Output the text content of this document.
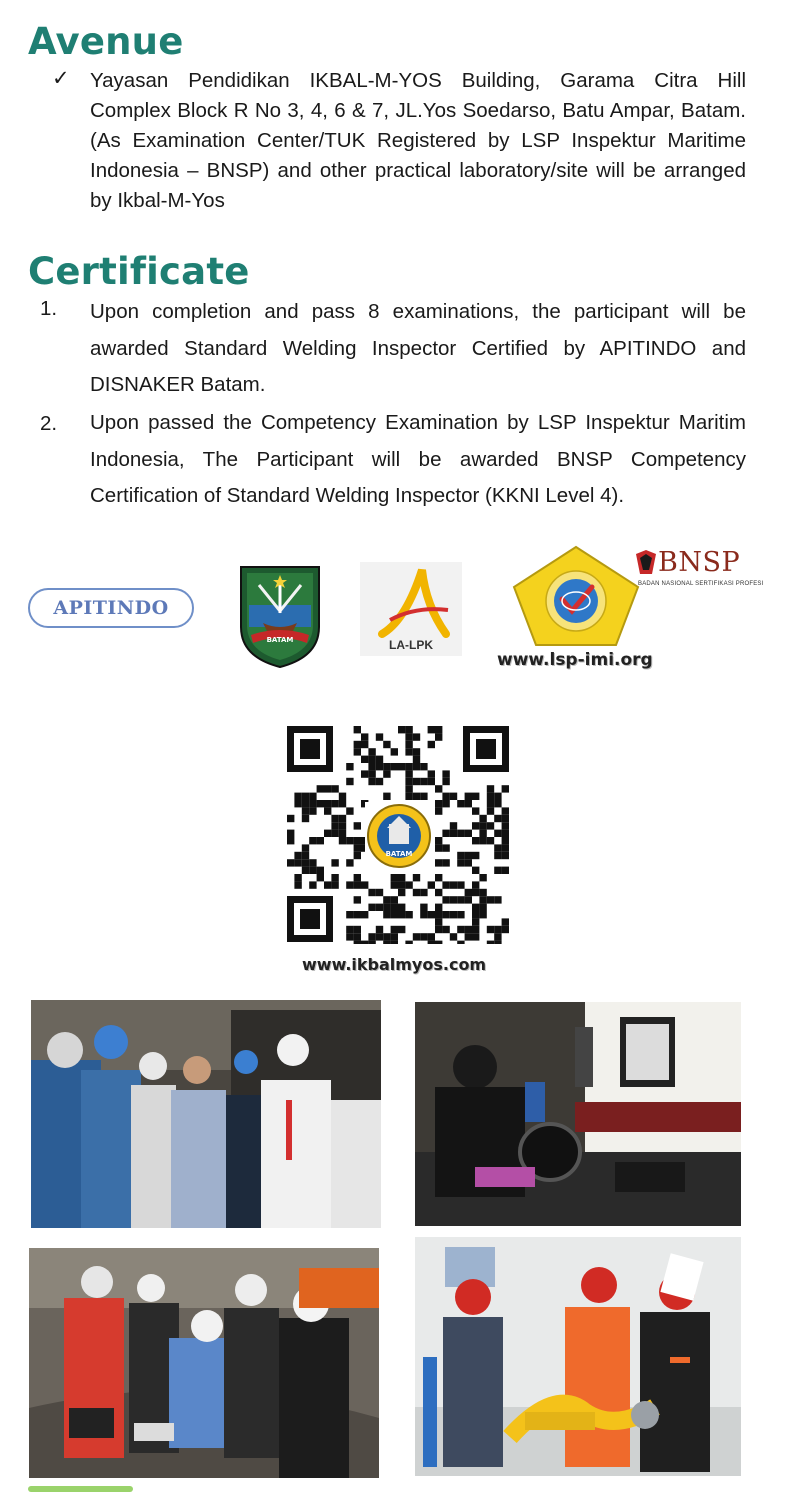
Avenue
✓ Yayasan Pendidikan IKBAL-M-YOS Building, Garama Citra Hill Complex Block R No 3, 4, 6 & 7, JL.Yos Soedarso, Batu Ampar, Batam. (As Examination Center/TUK Registered by LSP Inspektur Maritime Indonesia – BNSP) and other practical laboratory/site will be arranged by Ikbal-M-Yos

Certificate
1. Upon completion and pass 8 examinations, the participant will be awarded Standard Welding Inspector Certified by APITINDO and DISNAKER Batam.

2. Upon passed the Competency Examination by LSP Inspektur Maritim Indonesia, The Participant will be awarded BNSP Competency Certification of Standard Welding Inspector (KKNI Level 4).

APITINDO
BATAM	LA-LPK
BNSP
BADAN NASIONAL SERTIFIKASI PROFESI
www.lsp-imi.org
BATAM
www.ikbalmyos.com
